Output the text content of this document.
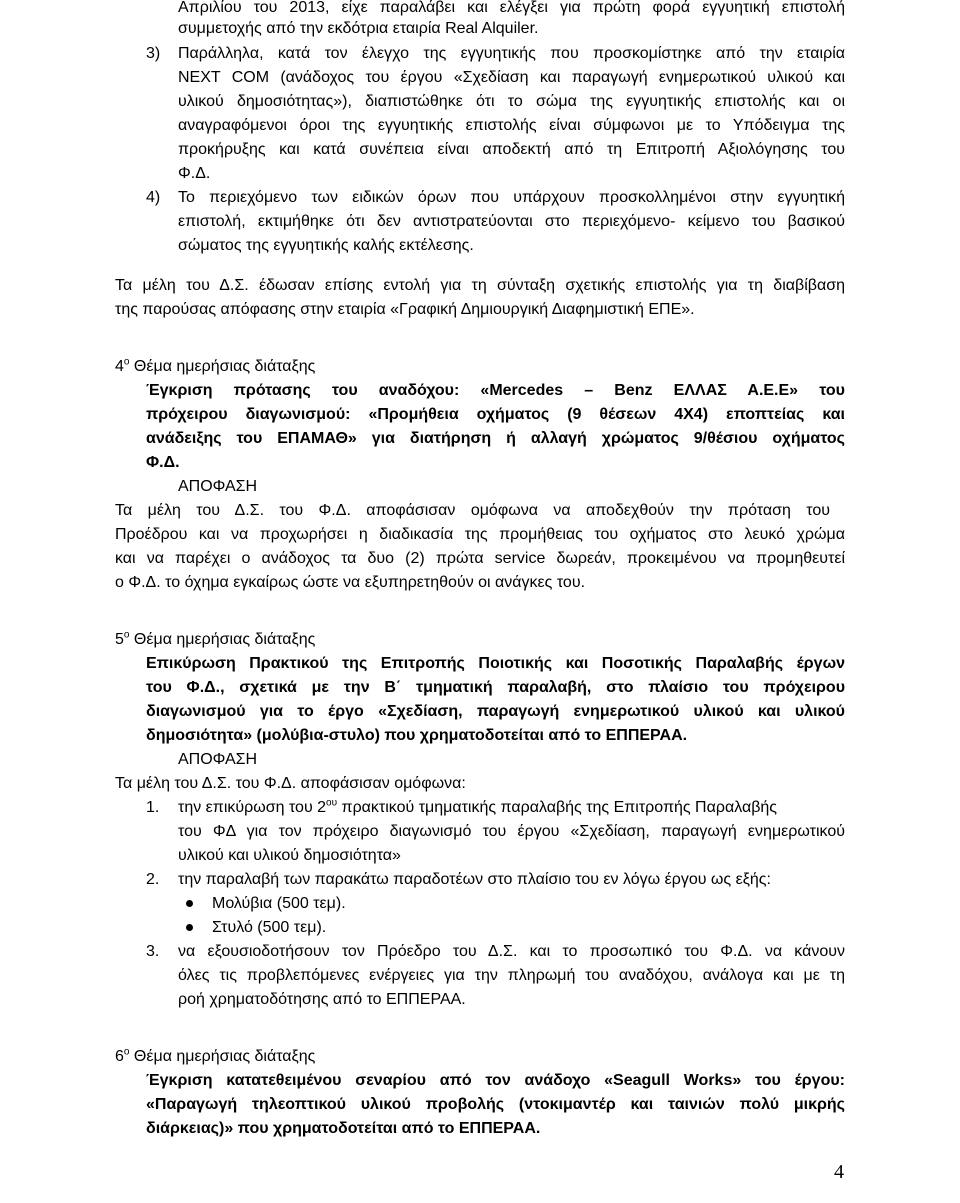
Απριλίου του 2013, είχε παραλάβει και ελέγξει για πρώτη φορά εγγυητική επιστολή
συμμετοχής από την εκδότρια εταιρία Real Alquiler.
3) Παράλληλα, κατά τον έλεγχο της εγγυητικής που προσκομίστηκε από την εταιρία
NEXT COM (ανάδοχος του έργου «Σχεδίαση και παραγωγή ενημερωτικού υλικού και
υλικού δημοσιότητας»), διαπιστώθηκε ότι το σώμα της εγγυητικής επιστολής και οι
αναγραφόμενοι όροι της εγγυητικής επιστολής είναι σύμφωνοι με το Υπόδειγμα της
προκήρυξης και κατά συνέπεια είναι αποδεκτή από τη Επιτροπή Αξιολόγησης του
Φ.Δ.
4) Το περιεχόμενο των ειδικών όρων που υπάρχουν προσκολλημένοι στην εγγυητική
επιστολή, εκτιμήθηκε ότι δεν αντιστρατεύονται στο περιεχόμενο- κείμενο του βασικού
σώματος της εγγυητικής καλής εκτέλεσης.
Τα μέλη του Δ.Σ. έδωσαν επίσης εντολή για τη σύνταξη σχετικής επιστολής για τη διαβίβαση
της παρούσας απόφασης στην εταιρία «Γραφική Δημιουργική Διαφημιστική ΕΠΕ».
$4^o$ Θέμα ημερήσιας διάταξης
Έγκριση πρότασης του αναδόχου: «Mercedes – Benz ΕΛΛΑΣ Α.Ε.Ε» του
πρόχειρου διαγωνισμού: «Προμήθεια οχήματος (9 θέσεων 4Χ4) εποπτείας και
ανάδειξης του ΕΠΑΜΑΘ» για διατήρηση ή αλλαγή χρώματος 9/θέσιου οχήματος
Φ.Δ.
ΑΠΟΦΑΣΗ
Τα μέλη του Δ.Σ. του Φ.Δ. αποφάσισαν ομόφωνα να αποδεχθούν την πρόταση του
Προέδρου και να προχωρήσει η διαδικασία της προμήθειας του οχήματος στο λευκό χρώμα
και να παρέχει ο ανάδοχος τα δυο (2) πρώτα service δωρεάν, προκειμένου να προμηθευτεί
ο Φ.Δ. το όχημα εγκαίρως ώστε να εξυπηρετηθούν οι ανάγκες του.
$5^o$ Θέμα ημερήσιας διάταξης
Επικύρωση Πρακτικού της Επιτροπής Ποιοτικής και Ποσοτικής Παραλαβής έργων
του Φ.Δ., σχετικά με την Β΄ τμηματική παραλαβή, στο πλαίσιο του πρόχειρου
διαγωνισμού για το έργο «Σχεδίαση, παραγωγή ενημερωτικού υλικού και υλικού
δημοσιότητα» (μολύβια-στυλο) που χρηματοδοτείται από το ΕΠΠΕΡΑΑ.
ΑΠΟΦΑΣΗ
Τα μέλη του Δ.Σ. του Φ.Δ. αποφάσισαν ομόφωνα:
1. την επικύρωση του $2^{o\upsilon}$ πρακτικού τμηματικής παραλαβής της Επιτροπής Παραλαβής
του ΦΔ για τον πρόχειρο διαγωνισμό του έργου «Σχεδίαση, παραγωγή ενημερωτικού
υλικού και υλικού δημοσιότητα»
2. την παραλαβή των παρακάτω παραδοτέων στο πλαίσιο του εν λόγω έργου ως εξής:
Μολύβια (500 τεμ).
Στυλό (500 τεμ).
3. να εξουσιοδοτήσουν τον Πρόεδρο του Δ.Σ. και το προσωπικό του Φ.Δ. να κάνουν
όλες τις προβλεπόμενες ενέργειες για την πληρωμή του αναδόχου, ανάλογα και με τη
ροή χρηματοδότησης από το ΕΠΠΕΡΑΑ.
$6^o$ Θέμα ημερήσιας διάταξης
Έγκριση κατατεθειμένου σεναρίου από τον ανάδοχο «Seagull Works» του έργου:
«Παραγωγή τηλεοπτικού υλικού προβολής (ντοκιμαντέρ και ταινιών πολύ μικρής
διάρκειας)» που χρηματοδοτείται από το ΕΠΠΕΡΑΑ.
4
